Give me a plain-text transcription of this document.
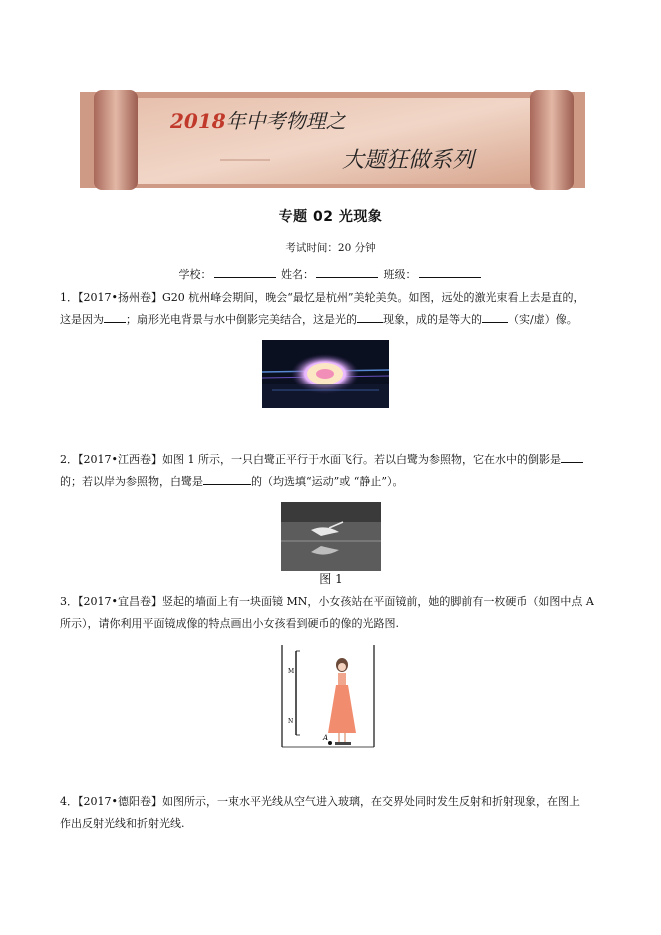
2018年中考物理之
大题狂做系列
专题 02 光现象
考试时间：20 分钟
学校：	姓名：	班级：
1．【2017•扬州卷】G20 杭州峰会期间，晚会“最忆是杭州”美轮美奂。如图，远处的激光束看上去是直的，
这是因为 ；扇形光电背景与水中倒影完美结合，这是光的 现象，成的是等大的 （实/虚）像。
2．【2017•江西卷】如图 1 所示，一只白鹭正平行于水面飞行。若以白鹭为参照物，它在水中的倒影是
的；若以岸为参照物，白鹭是	的（均选填“运动”或 “静止”）。
图 1
3．【2017•宜昌卷】竖起的墙面上有一块面镜 MN，小女孩站在平面镜前，她的脚前有一枚硬币（如图中点 A
所示），请你利用平面镜成像的特点画出小女孩看到硬币的像的光路图.
M
N
A
4．【2017•德阳卷】如图所示，一束水平光线从空气进入玻璃，在交界处同时发生反射和折射现象，在图上
作出反射光线和折射光线.
